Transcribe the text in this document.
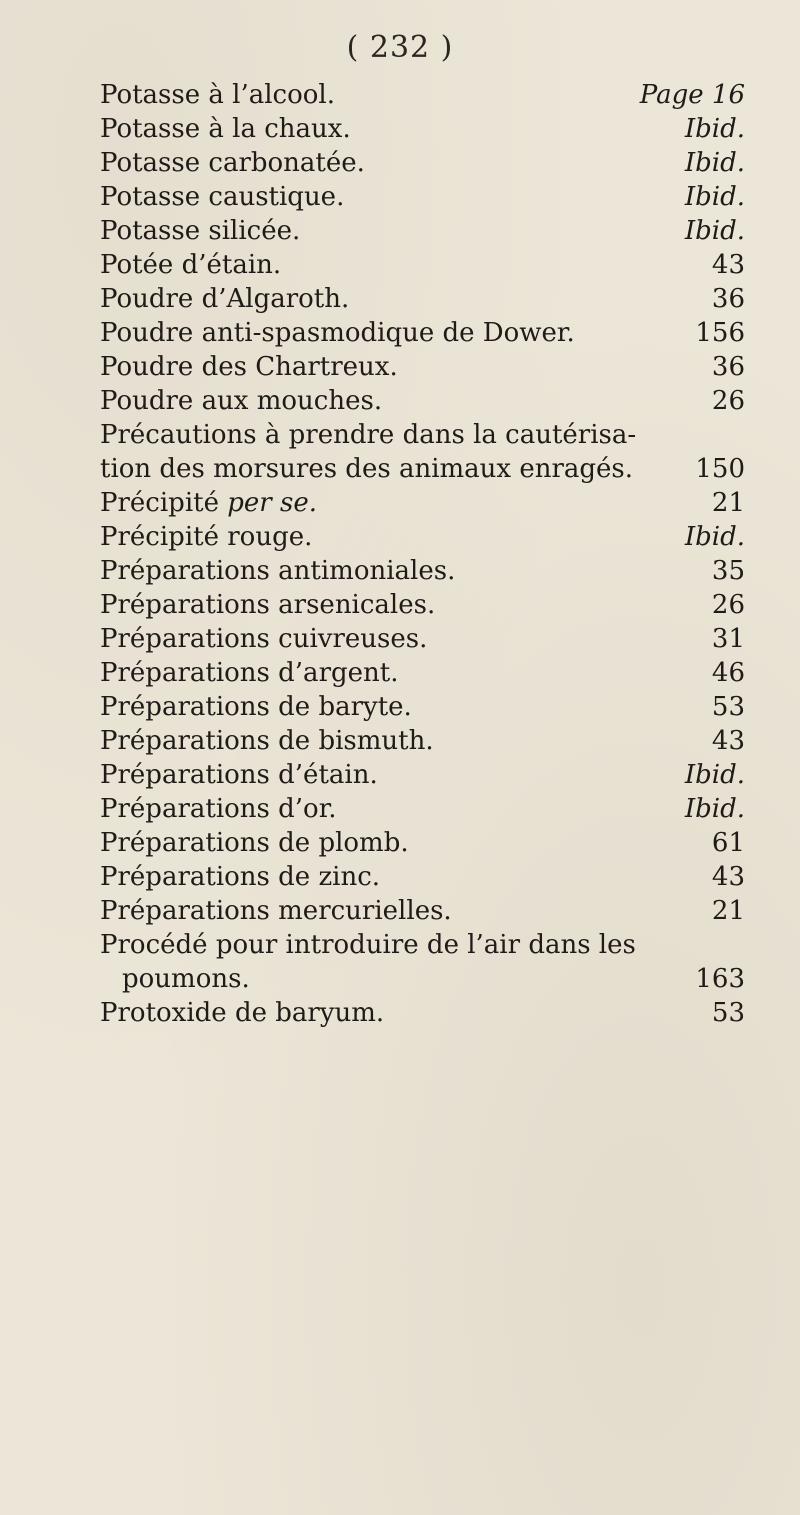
( 232 )
Potasse à l’alcool.	Page 16
Potasse à la chaux.	Ibid.
Potasse carbonatée.	Ibid.
Potasse caustique.	Ibid.
Potasse silicée.	Ibid.
Potée d’étain.	43
Poudre d’Algaroth.	36
Poudre anti-spasmodique de Dower.	156
Poudre des Chartreux.	36
Poudre aux mouches.	26
Précautions à prendre dans la cautérisa-
tion des morsures des animaux enragés. 150
Précipité per se.	21
Précipité rouge.	Ibid.
Préparations antimoniales.	35
Préparations arsenicales.	26
Préparations cuivreuses.	31
Préparations d’argent.	46
Préparations de baryte.	53
Préparations de bismuth.	43
Préparations d’étain.	Ibid.
Préparations d’or.	Ibid.
Préparations de plomb.	61
Préparations de zinc.	43
Préparations mercurielles.	21
Procédé pour introduire de l’air dans les
poumons.	163
Protoxide de baryum.	53
